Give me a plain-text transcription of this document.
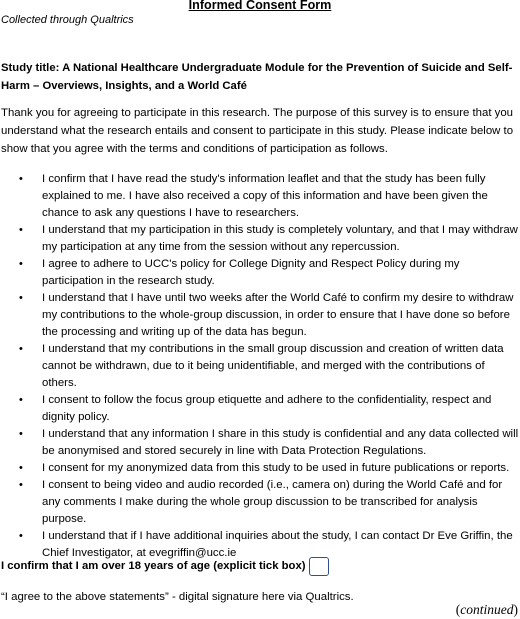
Informed Consent Form
Collected through Qualtrics
Study title: A National Healthcare Undergraduate Module for the Prevention of Suicide and Self-Harm – Overviews, Insights, and a World Café
Thank you for agreeing to participate in this research. The purpose of this survey is to ensure that you understand what the research entails and consent to participate in this study. Please indicate below to show that you agree with the terms and conditions of participation as follows.
• I confirm that I have read the study's information leaflet and that the study has been fully explained to me. I have also received a copy of this information and have been given the chance to ask any questions I have to researchers.
• I understand that my participation in this study is completely voluntary, and that I may withdraw my participation at any time from the session without any repercussion.
• I agree to adhere to UCC's policy for College Dignity and Respect Policy during my participation in the research study.
• I understand that I have until two weeks after the World Café to confirm my desire to withdraw my contributions to the whole-group discussion, in order to ensure that I have done so before the processing and writing up of the data has begun.
• I understand that my contributions in the small group discussion and creation of written data cannot be withdrawn, due to it being unidentifiable, and merged with the contributions of others.
• I consent to follow the focus group etiquette and adhere to the confidentiality, respect and dignity policy.
• I understand that any information I share in this study is confidential and any data collected will be anonymised and stored securely in line with Data Protection Regulations.
• I consent for my anonymized data from this study to be used in future publications or reports.
• I consent to being video and audio recorded (i.e., camera on) during the World Café and for any comments I make during the whole group discussion to be transcribed for analysis purpose.
• I understand that if I have additional inquiries about the study, I can contact Dr Eve Griffin, the Chief Investigator, at evegriffin@ucc.ie
I confirm that I am over 18 years of age (explicit tick box)
“I agree to the above statements” - digital signature here via Qualtrics.
(continued)
